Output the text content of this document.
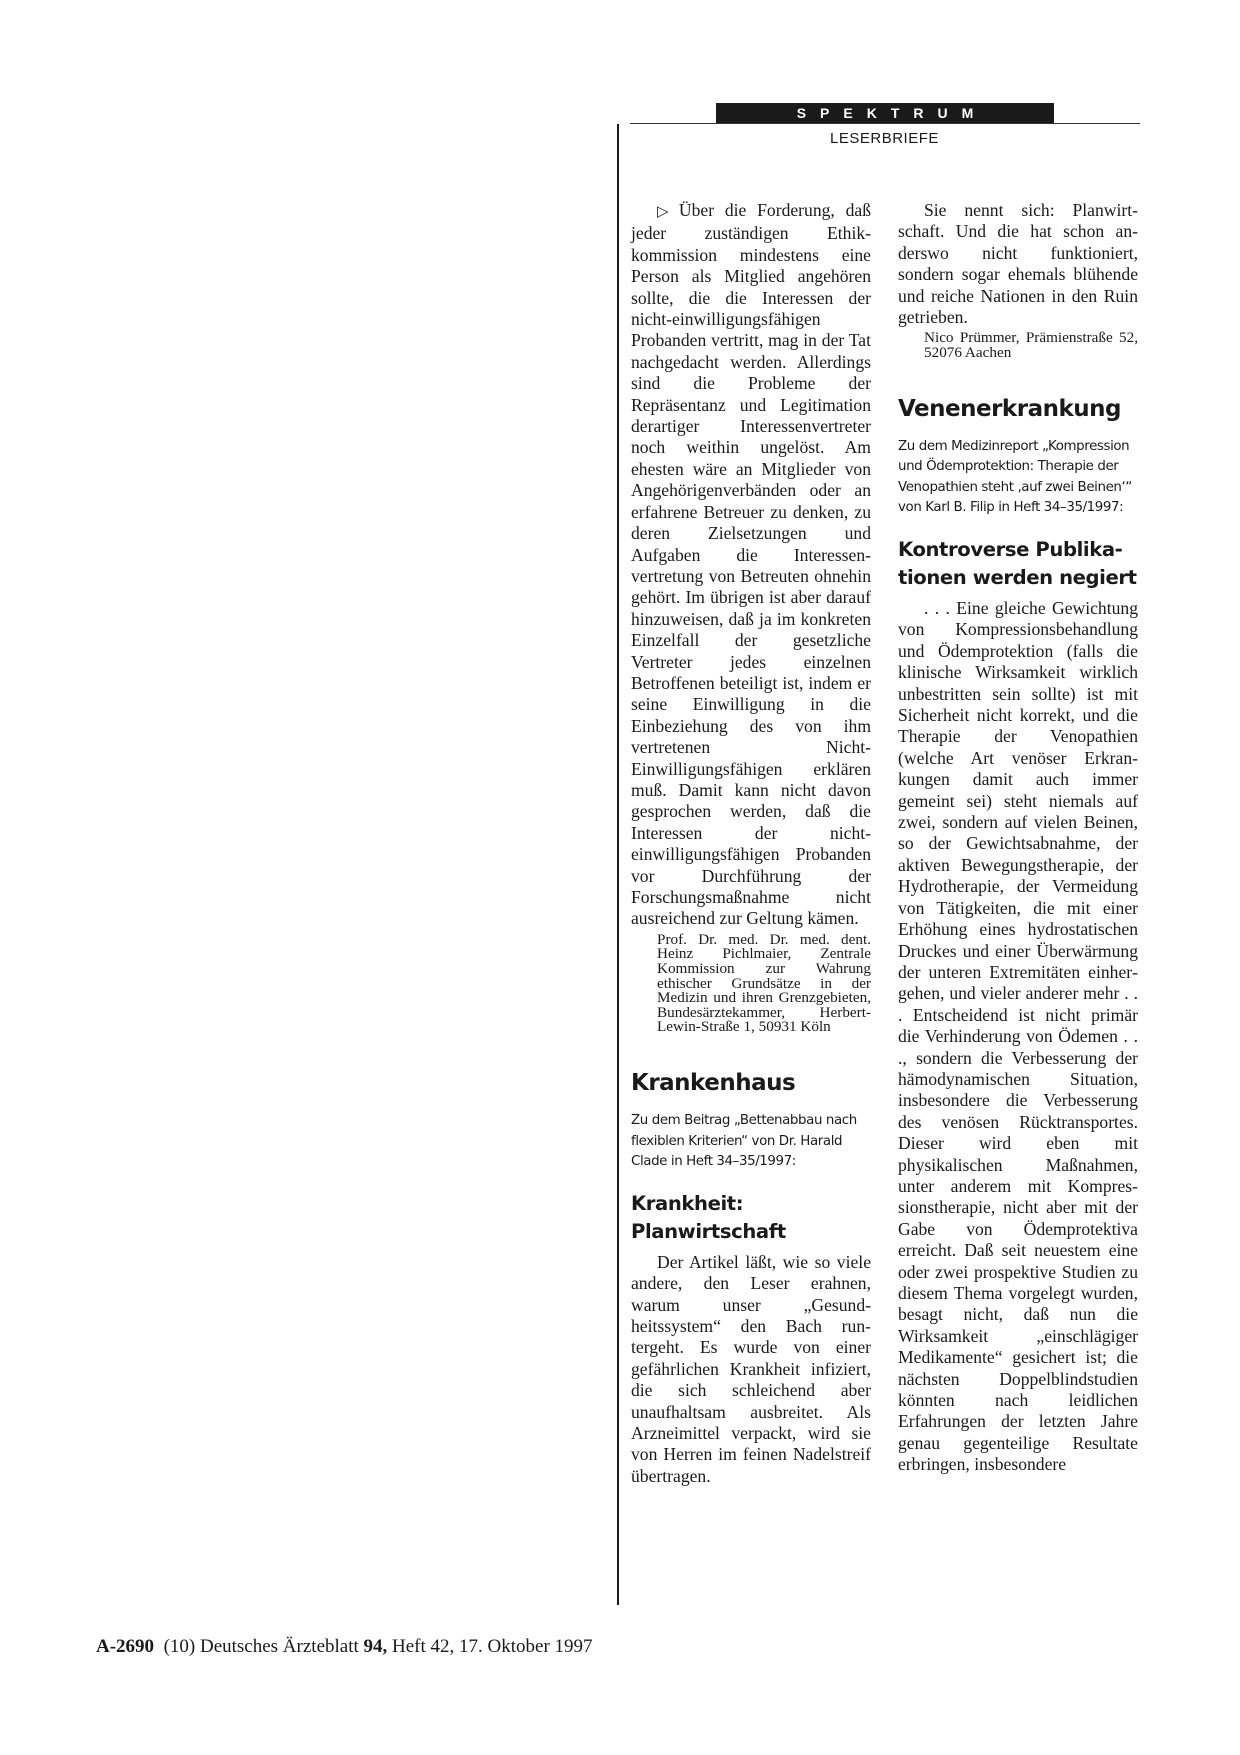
SPEKTRUM
LESERBRIEFE

▷ Über die Forderung, daß jeder zuständigen Ethikkommission mindestens eine Person als Mitglied angehören sollte, die die Interessen der nicht-einwilligungsfähigen Probanden vertritt, mag in der Tat nachgedacht werden. Allerdings sind die Probleme der Repräsentanz und Legitimation derartiger Interessenvertreter noch weithin ungelöst. Am ehesten wäre an Mitglieder von Angehörigenverbänden oder an erfahrene Betreuer zu denken, zu deren Zielsetzungen und Aufgaben die Interessenvertretung von Betreuten ohnehin gehört. Im übrigen ist aber darauf hinzuweisen, daß ja im konkreten Einzelfall der gesetzliche Vertreter jedes einzelnen Betroffenen beteiligt ist, indem er seine Einwilligung in die Einbeziehung des von ihm vertretenen Nicht-Einwilligungsfähigen erklären muß. Damit kann nicht davon gesprochen werden, daß die Interessen der nicht-einwilligungsfähigen Probanden vor Durchführung der Forschungsmaßnahme nicht ausreichend zur Geltung kämen.

Prof. Dr. med. Dr. med. dent. Heinz Pichlmaier, Zentrale Kommission zur Wahrung ethischer Grundsätze in der Medizin und ihren Grenzgebieten, Bundesärztekammer, Herbert-Lewin-Straße 1, 50931 Köln
Krankenhaus
Zu dem Beitrag „Bettenabbau nach flexiblen Kriterien“ von Dr. Harald Clade in Heft 34–35/1997:
Krankheit: Planwirtschaft

Der Artikel läßt, wie so viele andere, den Leser erahnen, warum unser „Gesundheitssystem“ den Bach runtergeht. Es wurde von einer gefährlichen Krankheit infiziert, die sich schleichend aber unaufhaltsam ausbreitet. Als Arzneimittel verpackt, wird sie von Herren im feinen Nadelstreif übertragen.

Sie nennt sich: Planwirtschaft. Und die hat schon anderswo nicht funktioniert, sondern sogar ehemals blühende und reiche Nationen in den Ruin getrieben.

Nico Prümmer, Prämienstraße 52, 52076 Aachen
Venenerkrankung
Zu dem Medizinreport „Kompression und Ödemprotektion: Therapie der Venopathien steht ‚auf zwei Beinen‘“ von Karl B. Filip in Heft 34–35/1997:
Kontroverse Publikationen werden negiert

. . . Eine gleiche Gewichtung von Kompressionsbehandlung und Ödemprotektion (falls die klinische Wirksamkeit wirklich unbestritten sein sollte) ist mit Sicherheit nicht korrekt, und die Therapie der Venopathien (welche Art venöser Erkrankungen damit auch immer gemeint sei) steht niemals auf zwei, sondern auf vielen Beinen, so der Gewichtsabnahme, der aktiven Bewegungstherapie, der Hydrotherapie, der Vermeidung von Tätigkeiten, die mit einer Erhöhung eines hydrostatischen Druckes und einer Überwärmung der unteren Extremitäten einhergehen, und vieler anderer mehr . . . Entscheidend ist nicht primär die Verhinderung von Ödemen . . ., sondern die Verbesserung der hämodynamischen Situation, insbesondere die Verbesserung des venösen Rücktransportes. Dieser wird eben mit physikalischen Maßnahmen, unter anderem mit Kompressionstherapie, nicht aber mit der Gabe von Ödemprotektiva erreicht. Daß seit neuestem eine oder zwei prospektive Studien zu diesem Thema vorgelegt wurden, besagt nicht, daß nun die Wirksamkeit „einschlägiger Medikamente“ gesichert ist; die nächsten Doppelblindstudien könnten nach leidlichen Erfahrungen der letzten Jahre genau gegenteilige Resultate erbringen, insbesondere

A-2690 (10) Deutsches Ärzteblatt 94, Heft 42, 17. Oktober 1997
